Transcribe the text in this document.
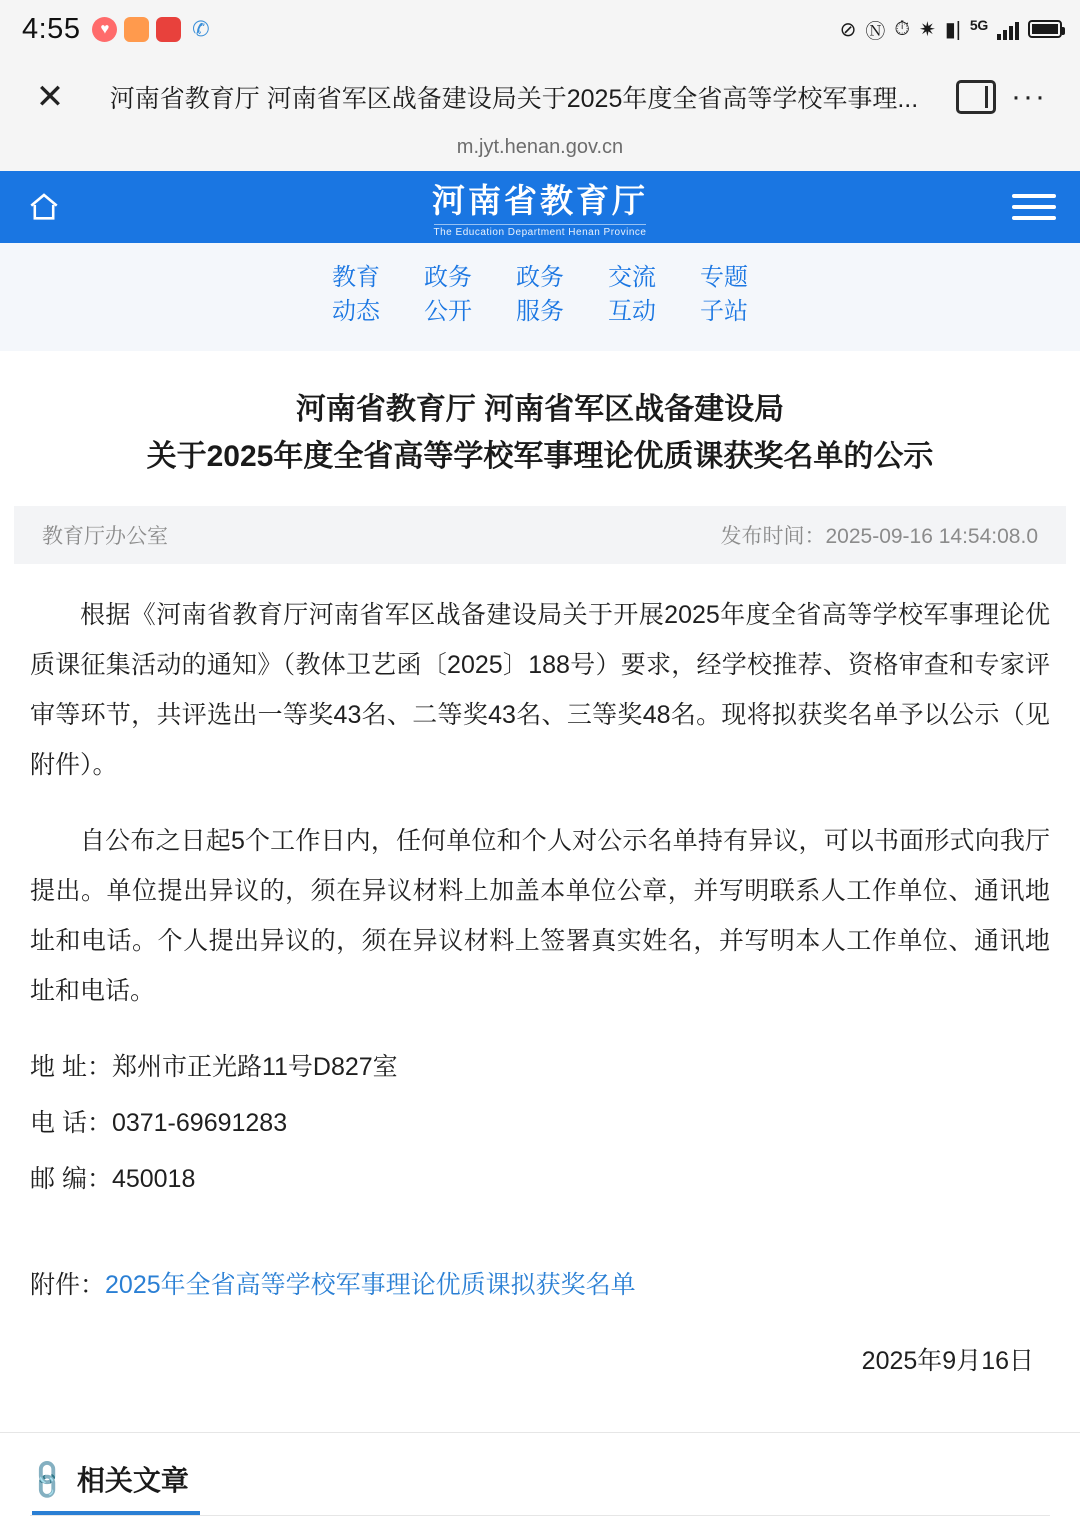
4:55 ♥	✆	⊘ Ⓝ ⏱ ✷ ▮| 5G
✕	河南省教育厅 河南省军区战备建设局关于2025年度全省高等学校军事理...	···
m.jyt.henan.gov.cn
河南省教育厅
The Education Department Henan Province
教育
动态
政务
公开
政务
服务
交流
互动
专题
子站
河南省教育厅 河南省军区战备建设局
关于2025年度全省高等学校军事理论优质课获奖名单的公示
教育厅办公室	发布时间：2025-09-16 14:54:08.0

根据《河南省教育厅河南省军区战备建设局关于开展2025年度全省高等学校军事理论优质课征集活动的通知》（教体卫艺函〔2025〕188号）要求，经学校推荐、资格审查和专家评审等环节，共评选出一等奖43名、二等奖43名、三等奖48名。现将拟获奖名单予以公示（见附件）。

自公布之日起5个工作日内，任何单位和个人对公示名单持有异议，可以书面形式向我厅提出。单位提出异议的，须在异议材料上加盖本单位公章，并写明联系人工作单位、通讯地址和电话。个人提出异议的，须在异议材料上签署真实姓名，并写明本人工作单位、通讯地址和电话。

地 址：郑州市正光路11号D827室
电 话：0371-69691283
邮 编：450018
附件：2025年全省高等学校军事理论优质课拟获奖名单
2025年9月16日
🔗 相关文章
